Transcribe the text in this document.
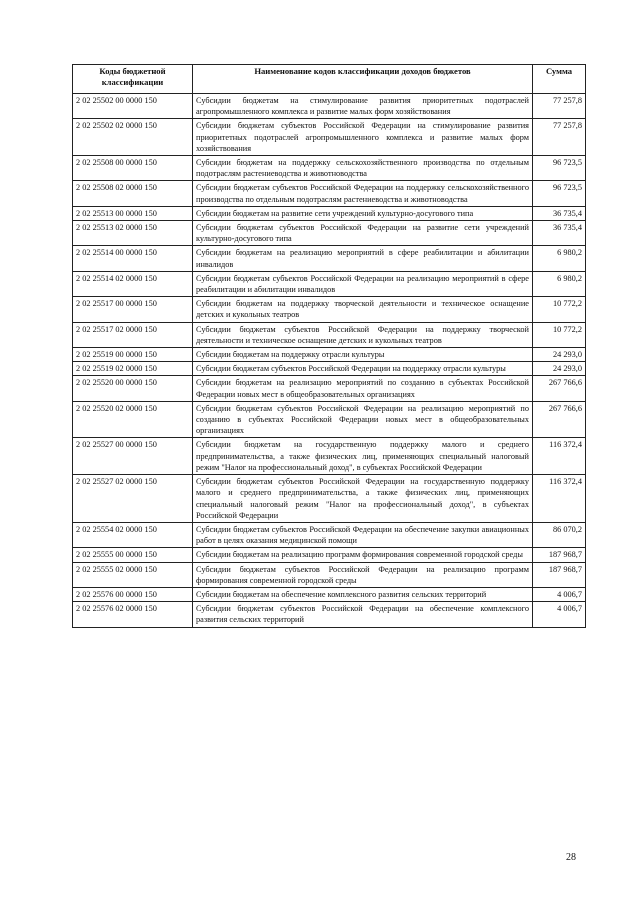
Коды бюджетной классификации	Наименование кодов классификации доходов бюджетов	Сумма
2 02 25502 00 0000 150	Субсидии бюджетам на стимулирование развития приоритетных подотраслей агропромышленного комплекса и развитие малых форм хозяйствования	77 257,8
2 02 25502 02 0000 150	Субсидии бюджетам субъектов Российской Федерации на стимулирование развития приоритетных подотраслей агропромышленного комплекса и развитие малых форм хозяйствования	77 257,8
2 02 25508 00 0000 150	Субсидии бюджетам на поддержку сельскохозяйственного производства по отдельным подотраслям растениеводства и животноводства	96 723,5
2 02 25508 02 0000 150	Субсидии бюджетам субъектов Российской Федерации на поддержку сельскохозяйственного производства по отдельным подотраслям растениеводства и животноводства	96 723,5
2 02 25513 00 0000 150	Субсидии бюджетам на развитие сети учреждений культурно-досугового типа	36 735,4
2 02 25513 02 0000 150	Субсидии бюджетам субъектов Российской Федерации на развитие сети учреждений культурно-досугового типа	36 735,4
2 02 25514 00 0000 150	Субсидии бюджетам на реализацию мероприятий в сфере реабилитации и абилитации инвалидов	6 980,2
2 02 25514 02 0000 150	Субсидии бюджетам субъектов Российской Федерации на реализацию мероприятий в сфере реабилитации и абилитации инвалидов	6 980,2
2 02 25517 00 0000 150	Субсидии бюджетам на поддержку творческой деятельности и техническое оснащение детских и кукольных театров	10 772,2
2 02 25517 02 0000 150	Субсидии бюджетам субъектов Российской Федерации на поддержку творческой деятельности и техническое оснащение детских и кукольных театров	10 772,2
2 02 25519 00 0000 150	Субсидии бюджетам на поддержку отрасли культуры	24 293,0
2 02 25519 02 0000 150	Субсидии бюджетам субъектов Российской Федерации на поддержку отрасли культуры	24 293,0
2 02 25520 00 0000 150	Субсидии бюджетам на реализацию мероприятий по созданию в субъектах Российской Федерации новых мест в общеобразовательных организациях	267 766,6
2 02 25520 02 0000 150	Субсидии бюджетам субъектов Российской Федерации на реализацию мероприятий по созданию в субъектах Российской Федерации новых мест в общеобразовательных организациях	267 766,6
2 02 25527 00 0000 150	Субсидии бюджетам на государственную поддержку малого и среднего предпринимательства, а также физических лиц, применяющих специальный налоговый режим "Налог на профессиональный доход", в субъектах Российской Федерации	116 372,4
2 02 25527 02 0000 150	Субсидии бюджетам субъектов Российской Федерации на государственную поддержку малого и среднего предпринимательства, а также физических лиц, применяющих специальный налоговый режим "Налог на профессиональный доход", в субъектах Российской Федерации	116 372,4
2 02 25554 02 0000 150	Субсидии бюджетам субъектов Российской Федерации на обеспечение закупки авиационных работ в целях оказания медицинской помощи	86 070,2
2 02 25555 00 0000 150	Субсидии бюджетам на реализацию программ формирования современной городской среды	187 968,7
2 02 25555 02 0000 150	Субсидии бюджетам субъектов Российской Федерации на реализацию программ формирования современной городской среды	187 968,7
2 02 25576 00 0000 150	Субсидии бюджетам на обеспечение комплексного развития сельских территорий	4 006,7
2 02 25576 02 0000 150	Субсидии бюджетам субъектов Российской Федерации на обеспечение комплексного развития сельских территорий	4 006,7
28
